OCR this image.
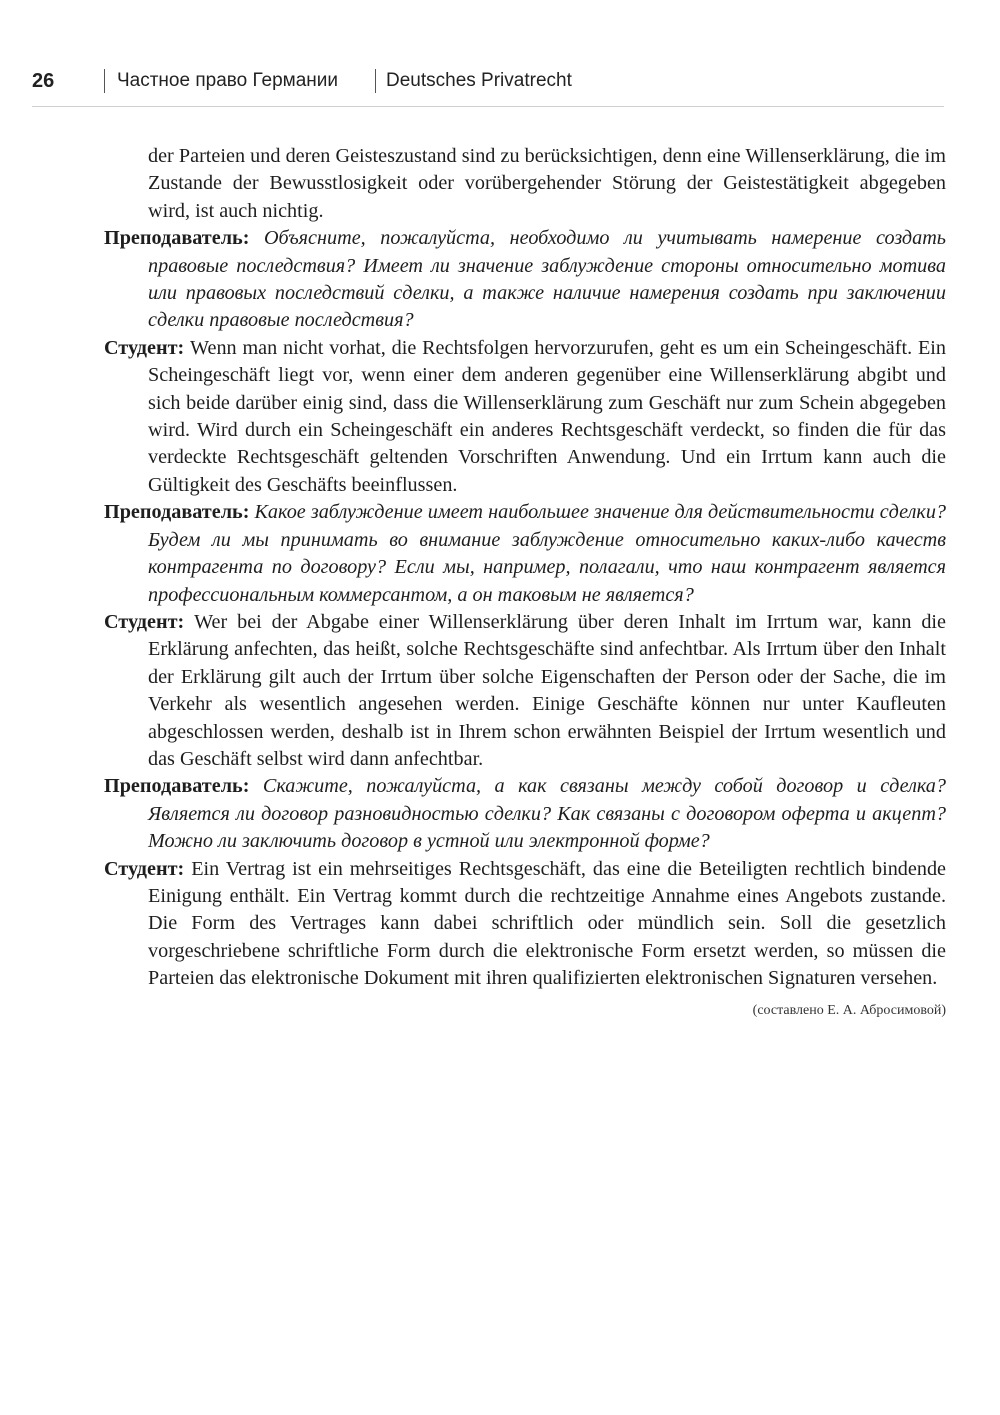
26	Частное право Германии	Deutsches Privatrecht

der Parteien und deren Geisteszustand sind zu berücksichtigen, denn eine Willenserklärung, die im Zustande der Bewusstlosigkeit oder vorübergehender Störung der Geistestätigkeit abgegeben wird, ist auch nichtig.

Преподаватель: Объясните, пожалуйста, необходимо ли учитывать намерение создать правовые последствия? Имеет ли значение заблуждение стороны относительно мотива или правовых последствий сделки, а также наличие намерения создать при заключении сделки правовые последствия?

Студент: Wenn man nicht vorhat, die Rechtsfolgen hervorzurufen, geht es um ein Scheingeschäft. Ein Scheingeschäft liegt vor, wenn einer dem anderen gegenüber eine Willenserklärung abgibt und sich beide darüber einig sind, dass die Willenserklärung zum Geschäft nur zum Schein abgegeben wird. Wird durch ein Scheingeschäft ein anderes Rechtsgeschäft verdeckt, so finden die für das verdeckte Rechtsgeschäft geltenden Vorschriften Anwendung. Und ein Irrtum kann auch die Gültigkeit des Geschäfts beeinflussen.

Преподаватель: Какое заблуждение имеет наибольшее значение для действительности сделки? Будем ли мы принимать во внимание заблуждение относительно каких-либо качеств контрагента по договору? Если мы, например, полагали, что наш контрагент является профессиональным коммерсантом, а он таковым не является?

Студент: Wer bei der Abgabe einer Willenserklärung über deren Inhalt im Irrtum war, kann die Erklärung anfechten, das heißt, solche Rechtsgeschäfte sind anfechtbar. Als Irrtum über den Inhalt der Erklärung gilt auch der Irrtum über solche Eigenschaften der Person oder der Sache, die im Verkehr als wesentlich angesehen werden. Einige Geschäfte können nur unter Kaufleuten abgeschlossen werden, deshalb ist in Ihrem schon erwähnten Beispiel der Irrtum wesentlich und das Geschäft selbst wird dann anfechtbar.

Преподаватель: Скажите, пожалуйста, а как связаны между собой договор и сделка? Является ли договор разновидностью сделки? Как связаны с договором оферта и акцепт? Можно ли заключить договор в устной или электронной форме?

Студент: Ein Vertrag ist ein mehrseitiges Rechtsgeschäft, das eine die Beteiligten rechtlich bindende Einigung enthält. Ein Vertrag kommt durch die rechtzeitige Annahme eines Angebots zustande. Die Form des Vertrages kann dabei schriftlich oder mündlich sein. Soll die gesetzlich vorgeschriebene schriftliche Form durch die elektronische Form ersetzt werden, so müssen die Parteien das elektronische Dokument mit ihren qualifizierten elektronischen Signaturen versehen.

(составлено Е. А. Абросимовой)
